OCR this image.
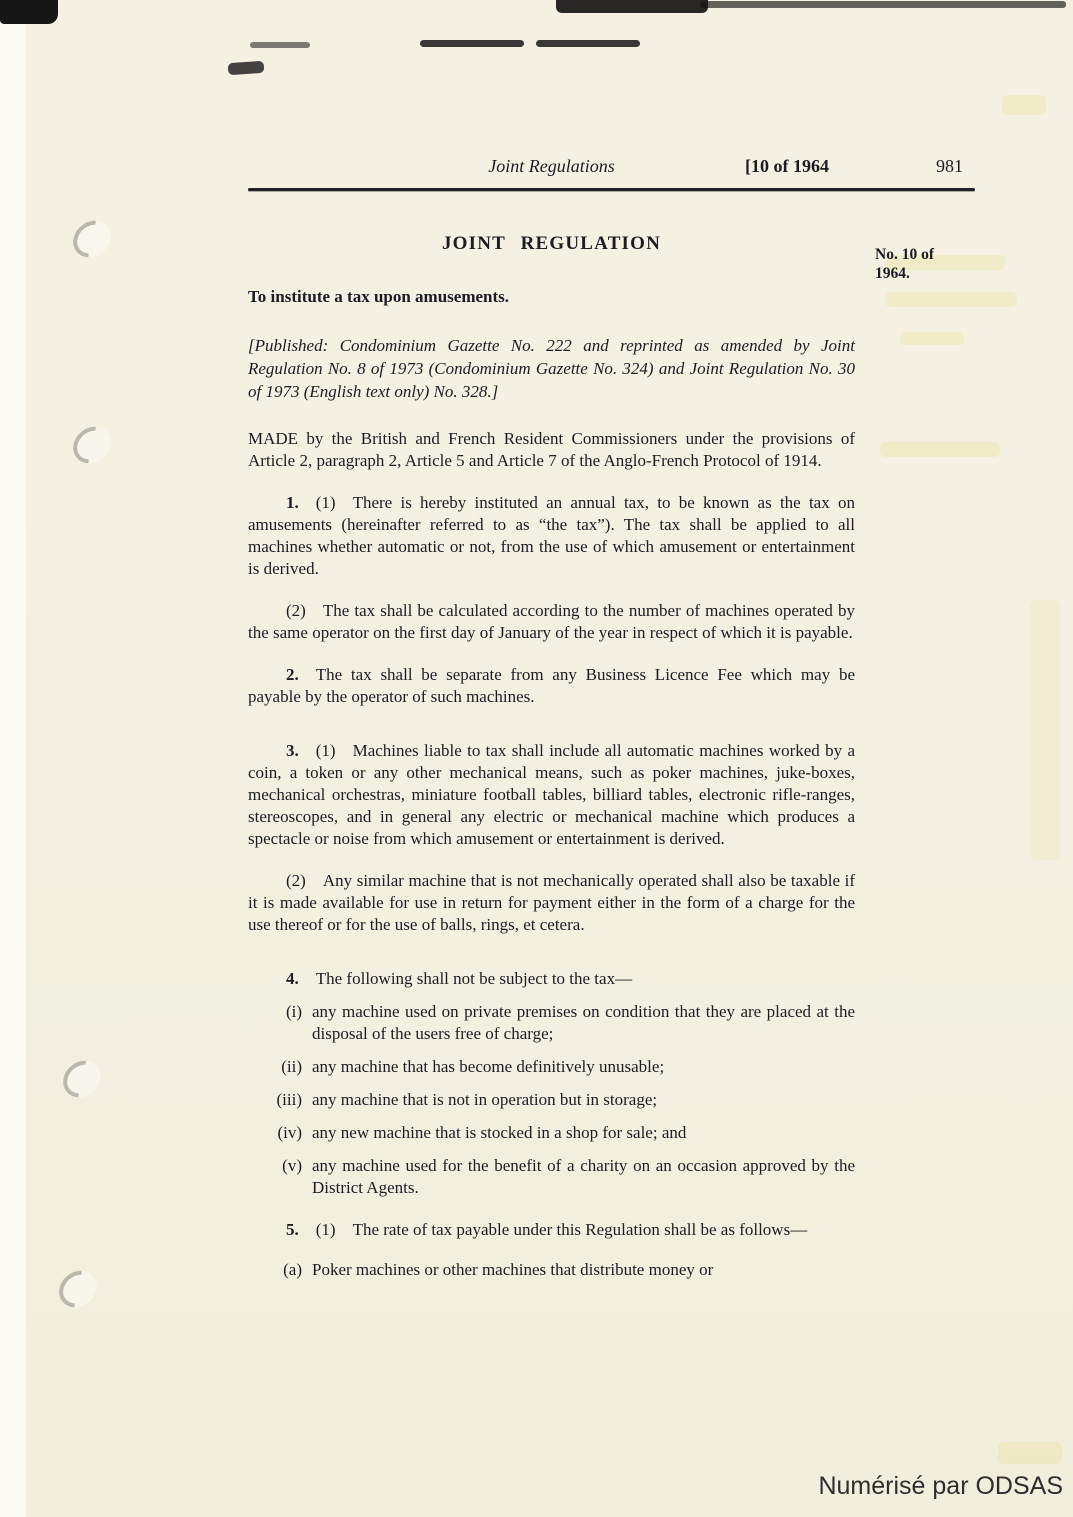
Joint Regulations	[10 of 1964	981
No. 10 of
1964.
JOINT REGULATION

To institute a tax upon amusements.

[Published: Condominium Gazette No. 222 and reprinted as amended by Joint Regulation No. 8 of 1973 (Condominium Gazette No. 324) and Joint Regulation No. 30 of 1973 (English text only) No. 328.]

MADE by the British and French Resident Commissioners under the provisions of Article 2, paragraph 2, Article 5 and Article 7 of the Anglo-French Protocol of 1914.

1. (1) There is hereby instituted an annual tax, to be known as the tax on amusements (hereinafter referred to as “the tax”). The tax shall be applied to all machines whether automatic or not, from the use of which amusement or entertainment is derived.

(2) The tax shall be calculated according to the number of machines operated by the same operator on the first day of January of the year in respect of which it is payable.

2. The tax shall be separate from any Business Licence Fee which may be payable by the operator of such machines.

3. (1) Machines liable to tax shall include all automatic machines worked by a coin, a token or any other mechanical means, such as poker machines, juke-boxes, mechanical orchestras, miniature football tables, billiard tables, electronic rifle-ranges, stereoscopes, and in general any electric or mechanical machine which produces a spectacle or noise from which amusement or entertainment is derived.

(2) Any similar machine that is not mechanically operated shall also be taxable if it is made available for use in return for payment either in the form of a charge for the use thereof or for the use of balls, rings, et cetera.

4. The following shall not be subject to the tax—

(i) any machine used on private premises on condition that they are placed at the disposal of the users free of charge;
(ii) any machine that has become definitively unusable;
(iii) any machine that is not in operation but in storage;
(iv) any new machine that is stocked in a shop for sale; and
(v) any machine used for the benefit of a charity on an occasion approved by the District Agents.

5. (1) The rate of tax payable under this Regulation shall be as follows—

(a) Poker machines or other machines that distribute money or
Numérisé par ODSAS
